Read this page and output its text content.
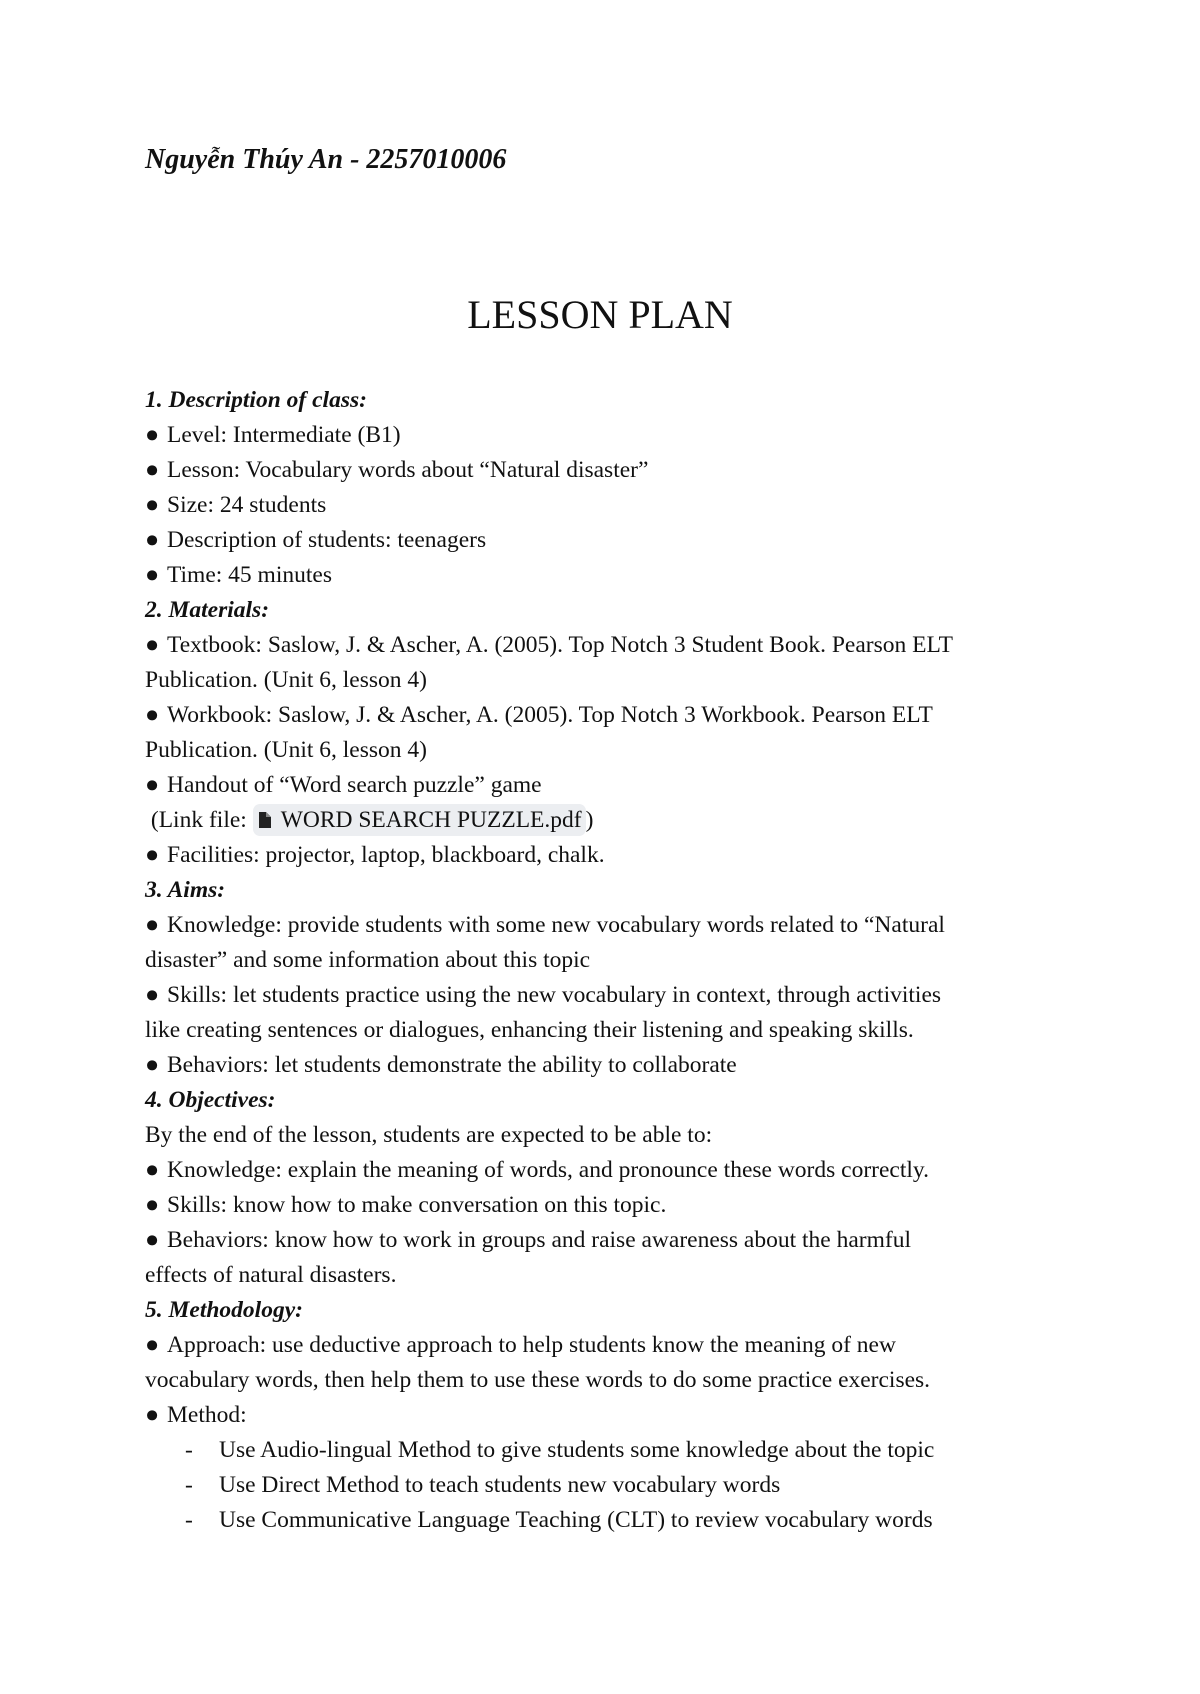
Nguyễn Thúy An - 2257010006
LESSON PLAN
1. Description of class:
● Level: Intermediate (B1)
● Lesson: Vocabulary words about “Natural disaster”
● Size: 24 students
● Description of students: teenagers
● Time: 45 minutes
2. Materials:
● Textbook: Saslow, J. & Ascher, A. (2005). Top Notch 3 Student Book. Pearson ELT
Publication. (Unit 6, lesson 4)
● Workbook: Saslow, J. & Ascher, A. (2005). Top Notch 3 Workbook. Pearson ELT
Publication. (Unit 6, lesson 4)
● Handout of “Word search puzzle” game
(Link file:
WORD SEARCH PUZZLE.pdf )
● Facilities: projector, laptop, blackboard, chalk.
3. Aims:
● Knowledge: provide students with some new vocabulary words related to “Natural
disaster” and some information about this topic
● Skills: let students practice using the new vocabulary in context, through activities
like creating sentences or dialogues, enhancing their listening and speaking skills.
● Behaviors: let students demonstrate the ability to collaborate
4. Objectives:
By the end of the lesson, students are expected to be able to:
● Knowledge: explain the meaning of words, and pronounce these words correctly.
● Skills: know how to make conversation on this topic.
● Behaviors: know how to work in groups and raise awareness about the harmful
effects of natural disasters.
5. Methodology:
● Approach: use deductive approach to help students know the meaning of new
vocabulary words, then help them to use these words to do some practice exercises.
● Method:
- Use Audio-lingual Method to give students some knowledge about the topic
- Use Direct Method to teach students new vocabulary words
- Use Communicative Language Teaching (CLT) to review vocabulary words
